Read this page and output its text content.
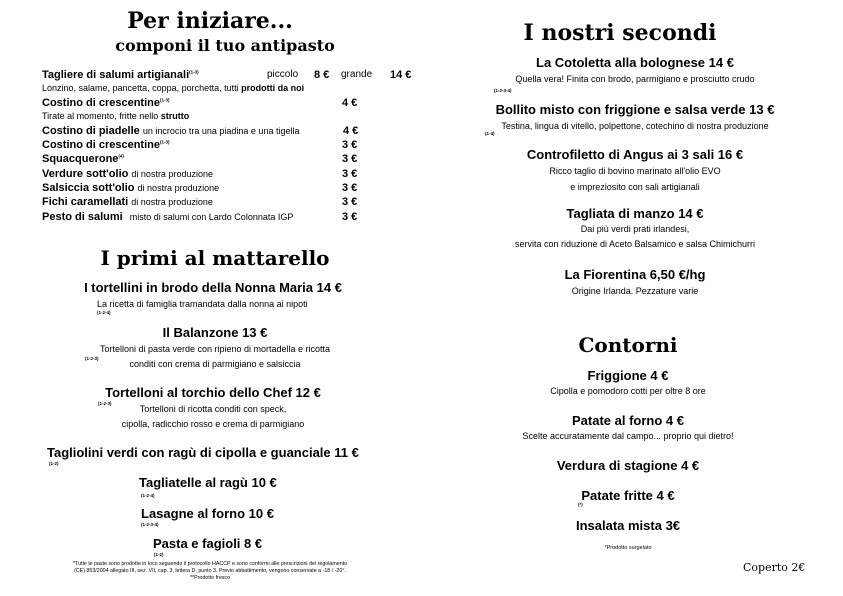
Per iniziare...
componi il tuo antipasto
Tagliere di salumi artigianali$^{(1-3)}$	piccolo 8 € grande 14 €
Lonzino, salame, pancetta, coppa, porchetta, tutti prodotti da noi
Costino di crescentine$^{(1-3)}$	4 €
Tirate al momento, fritte nello strutto
Costino di piadelle un incrocio tra una piadina e una tigella	4 €
Costino di crescentine$^{(1-3)}$	3 €
Squacquerone$^{(4)}$	3 €
Verdure sott'olio di nostra produzione	3 €
Salsiccia sott'olio di nostra produzione	3 €
Fichi caramellati di nostra produzione	3 €
Pesto di salumi misto di salumi con Lardo Colonnata IGP	3 €
I primi al mattarello
I tortellini in brodo della Nonna Maria 14 €
La ricetta di famiglia tramandata dalla nonna ai nipoti
(1-2-4)
Il Balanzone 13 €
Tortelloni di pasta verde con ripieno di mortadella e ricotta
(1-2-3)
conditi con crema di parmigiano e salsiccia
Tortelloni al torchio dello Chef 12 €
(1-2-3)
Tortelloni di ricotta conditi con speck,
cipolla, radicchio rosso e crema di parmigiano
Tagliolini verdi con ragù di cipolla e guanciale 11 €
(1-2)
Tagliatelle al ragù 10 €
(1-2-4)
Lasagne al forno 10 €
(1-2-3-4)
Pasta e fagioli 8 €
(1-2)
*Tutte le paste sono prodotte in loco seguendo il protocollo HACCP e sono conformi alle prescrizioni del regolamento
(CE) 853/2004 allegato III, sez. VII, cap. 3, lettera D, punto 3. Previo abbattimento, vengono conservate a -18 / -20°.
**Prodotto fresco
I nostri secondi
La Cotoletta alla bolognese 14 €
Quella vera! Finita con brodo, parmigiano e prosciutto crudo
(1-2-3-4)
Bollito misto con friggione e salsa verde 13 €
Testina, lingua di vitello, polpettone, cotechino di nostra produzione
(1-4)
Controfiletto di Angus ai 3 sali 16 €
Ricco taglio di bovino marinato all'olio EVO
e impreziosito con sali artigianali
Tagliata di manzo 14 €
Dai più verdi prati irlandesi,
servita con riduzione di Aceto Balsamico e salsa Chimichurri
La Fiorentina 6,50 €/hg
Origine Irlanda. Pezzature varie
Contorni
Friggione 4 €
Cipolla e pomodoro cotti per oltre 8 ore
Patate al forno 4 €
Scelte accuratamente dal campo... proprio qui dietro!
Verdura di stagione 4 €
Patate fritte 4 €
(*)
Insalata mista 3€
*Prodotto surgelato
Coperto 2€
